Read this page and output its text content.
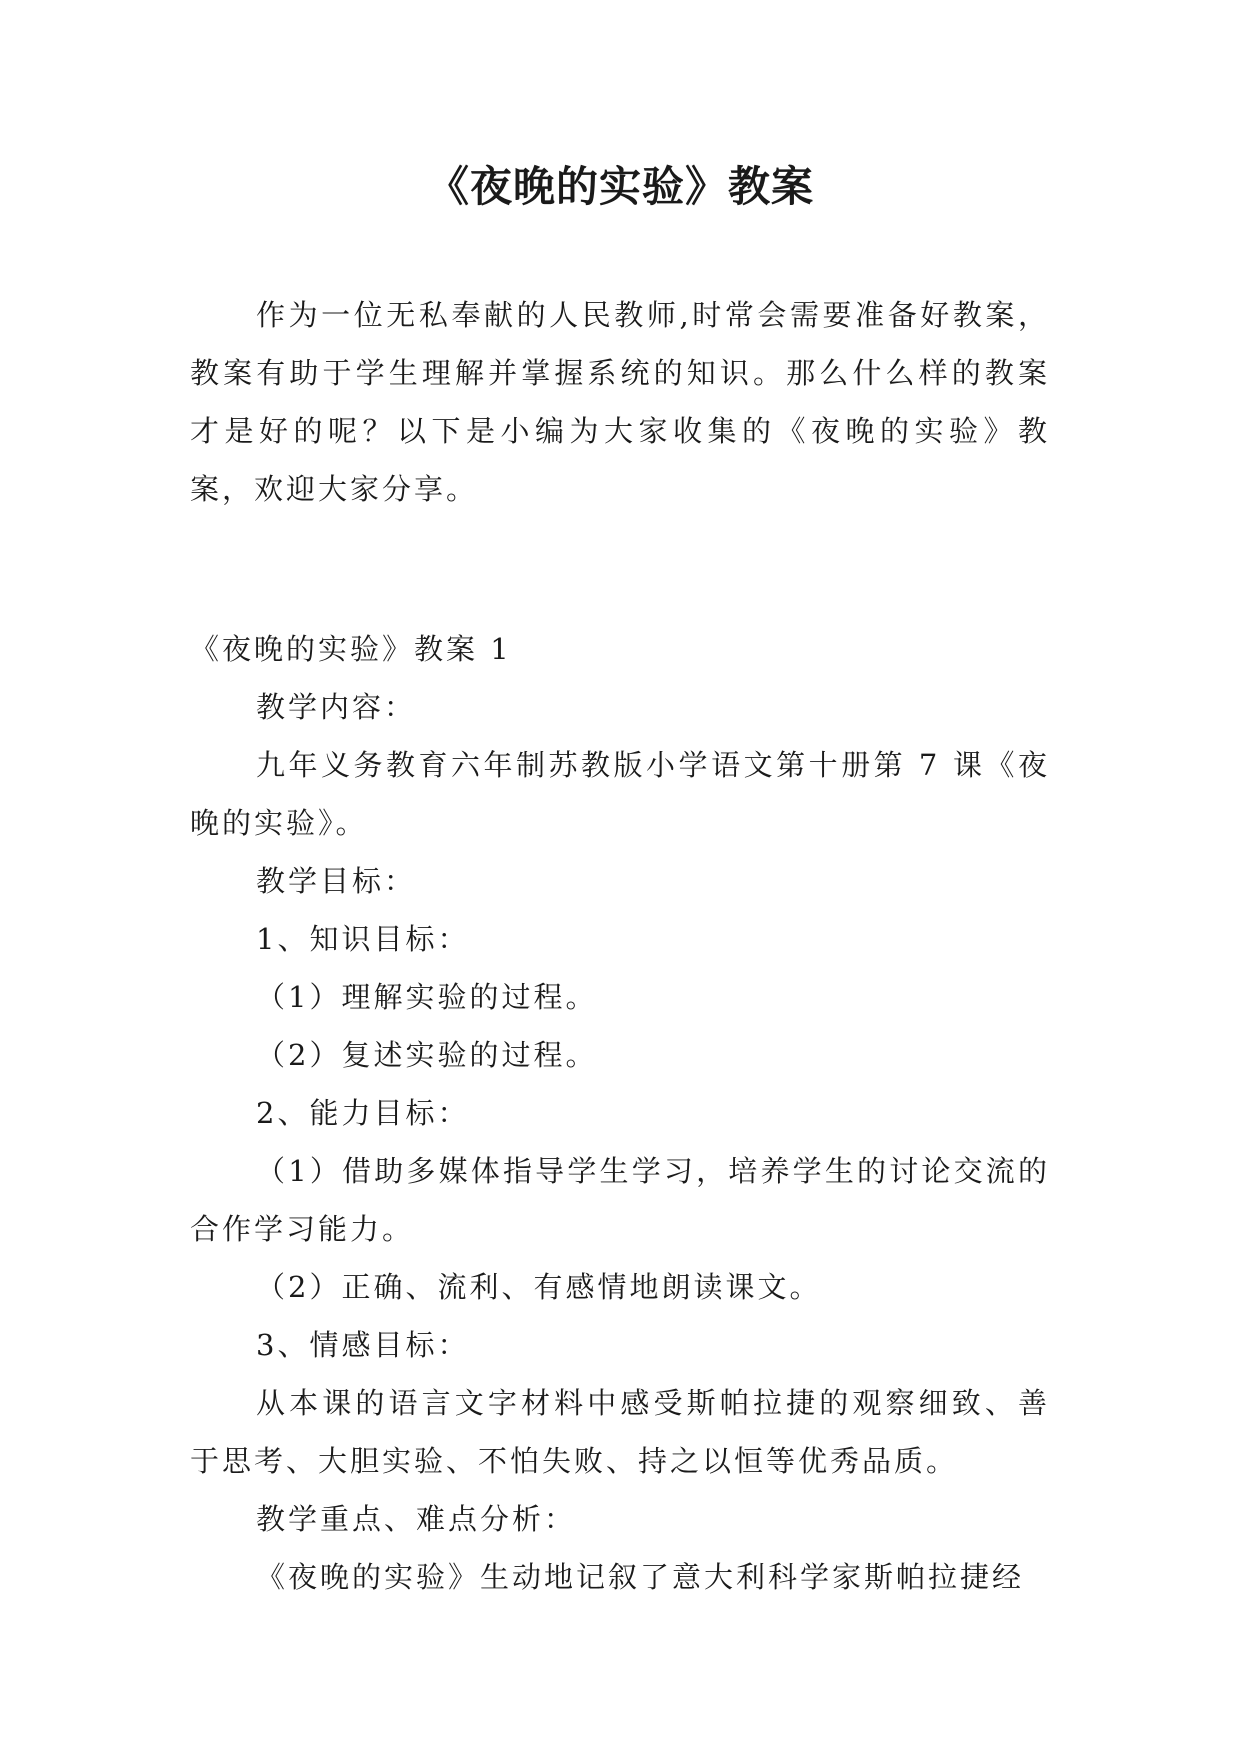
《夜晚的实验》教案

作为一位无私奉献的人民教师,时常会需要准备好教案，教案有助于学生理解并掌握系统的知识。那么什么样的教案才是好的呢？以下是小编为大家收集的《夜晚的实验》教案，欢迎大家分享。

《夜晚的实验》教案 1

教学内容：

九年义务教育六年制苏教版小学语文第十册第 7 课《夜晚的实验》。

教学目标：

1、知识目标：

（1）理解实验的过程。

（2）复述实验的过程。

2、能力目标：

（1）借助多媒体指导学生学习，培养学生的讨论交流的合作学习能力。

（2）正确、流利、有感情地朗读课文。

3、情感目标：

从本课的语言文字材料中感受斯帕拉捷的观察细致、善于思考、大胆实验、不怕失败、持之以恒等优秀品质。

教学重点、难点分析：

《夜晚的实验》生动地记叙了意大利科学家斯帕拉捷经
